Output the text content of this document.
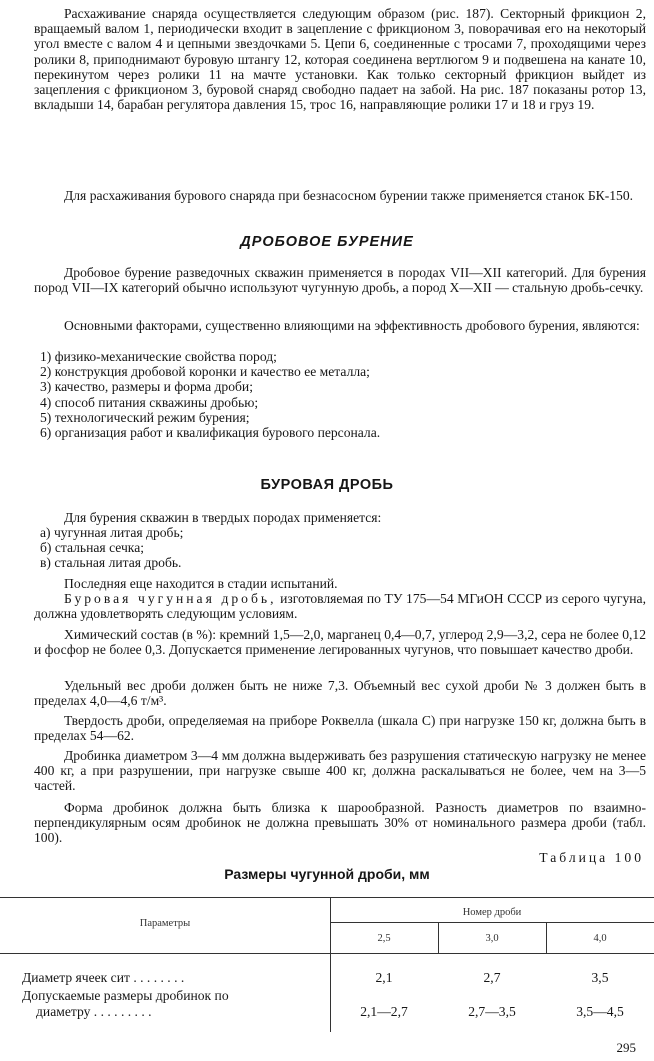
Расхаживание снаряда осуществляется следующим образом (рис. 187). Секторный фрикцион 2, вращаемый валом 1, периодически входит в зацепление с фрикционом 3, поворачивая его на некоторый угол вместе с валом 4 и цепными звездочками 5. Цепи 6, соединенные с тросами 7, проходящими через ролики 8, приподнимают буровую штангу 12, которая соединена вертлюгом 9 и подвешена на канате 10, перекинутом через ролики 11 на мачте установки. Как только секторный фрикцион выйдет из зацепления с фрикционом 3, буровой снаряд свободно падает на забой. На рис. 187 показаны ротор 13, вкладыши 14, барабан регулятора давления 15, трос 16, направляющие ролики 17 и 18 и груз 19.

Для расхаживания бурового снаряда при безнасосном бурении также применяется станок БК-150.

ДРОБОВОЕ БУРЕНИЕ

Дробовое бурение разведочных скважин применяется в породах VII—XII категорий. Для бурения пород VII—IX категорий обычно используют чугунную дробь, а пород X—XII — стальную дробь-сечку.

Основными факторами, существенно влияющими на эффективность дробового бурения, являются:

1) физико-механические свойства пород;
2) конструкция дробовой коронки и качество ее металла;
3) качество, размеры и форма дроби;
4) способ питания скважины дробью;
5) технологический режим бурения;
6) организация работ и квалификация бурового персонала.
БУРОВАЯ ДРОБЬ

Для бурения скважин в твердых породах применяется:

а) чугунная литая дробь;
б) стальная сечка;
в) стальная литая дробь.

Последняя еще находится в стадии испытаний.

Буровая чугунная дробь, изготовляемая по ТУ 175—54 МГиОН СССР из серого чугуна, должна удовлетворять следующим условиям.

Химический состав (в %): кремний 1,5—2,0, марганец 0,4—0,7, углерод 2,9—3,2, сера не более 0,12 и фосфор не более 0,3. Допускается применение легированных чугунов, что повышает качество дроби.

Удельный вес дроби должен быть не ниже 7,3. Объемный вес сухой дроби № 3 должен быть в пределах 4,0—4,6 т/м³.

Твердость дроби, определяемая на приборе Роквелла (шкала С) при нагрузке 150 кг, должна быть в пределах 54—62.

Дробинка диаметром 3—4 мм должна выдерживать без разрушения статическую нагрузку не менее 400 кг, а при разрушении, при нагрузке свыше 400 кг, должна раскалываться не более, чем на 3—5 частей.

Форма дробинок должна быть близка к шарообразной. Разность диаметров по взаимно-перпендикулярным осям дробинок не должна превышать 30% от номинального размера дроби (табл. 100).

Таблица 100
Размеры чугунной дроби, мм
Параметры
Номер дроби
2,5	3,0	4,0
Диаметр ячеек сит . . . . . . . .	2,1	2,7	3,5
Допускаемые размеры дробинок по
диаметру . . . . . . . . .	2,1—2,7	2,7—3,5	3,5—4,5
295
